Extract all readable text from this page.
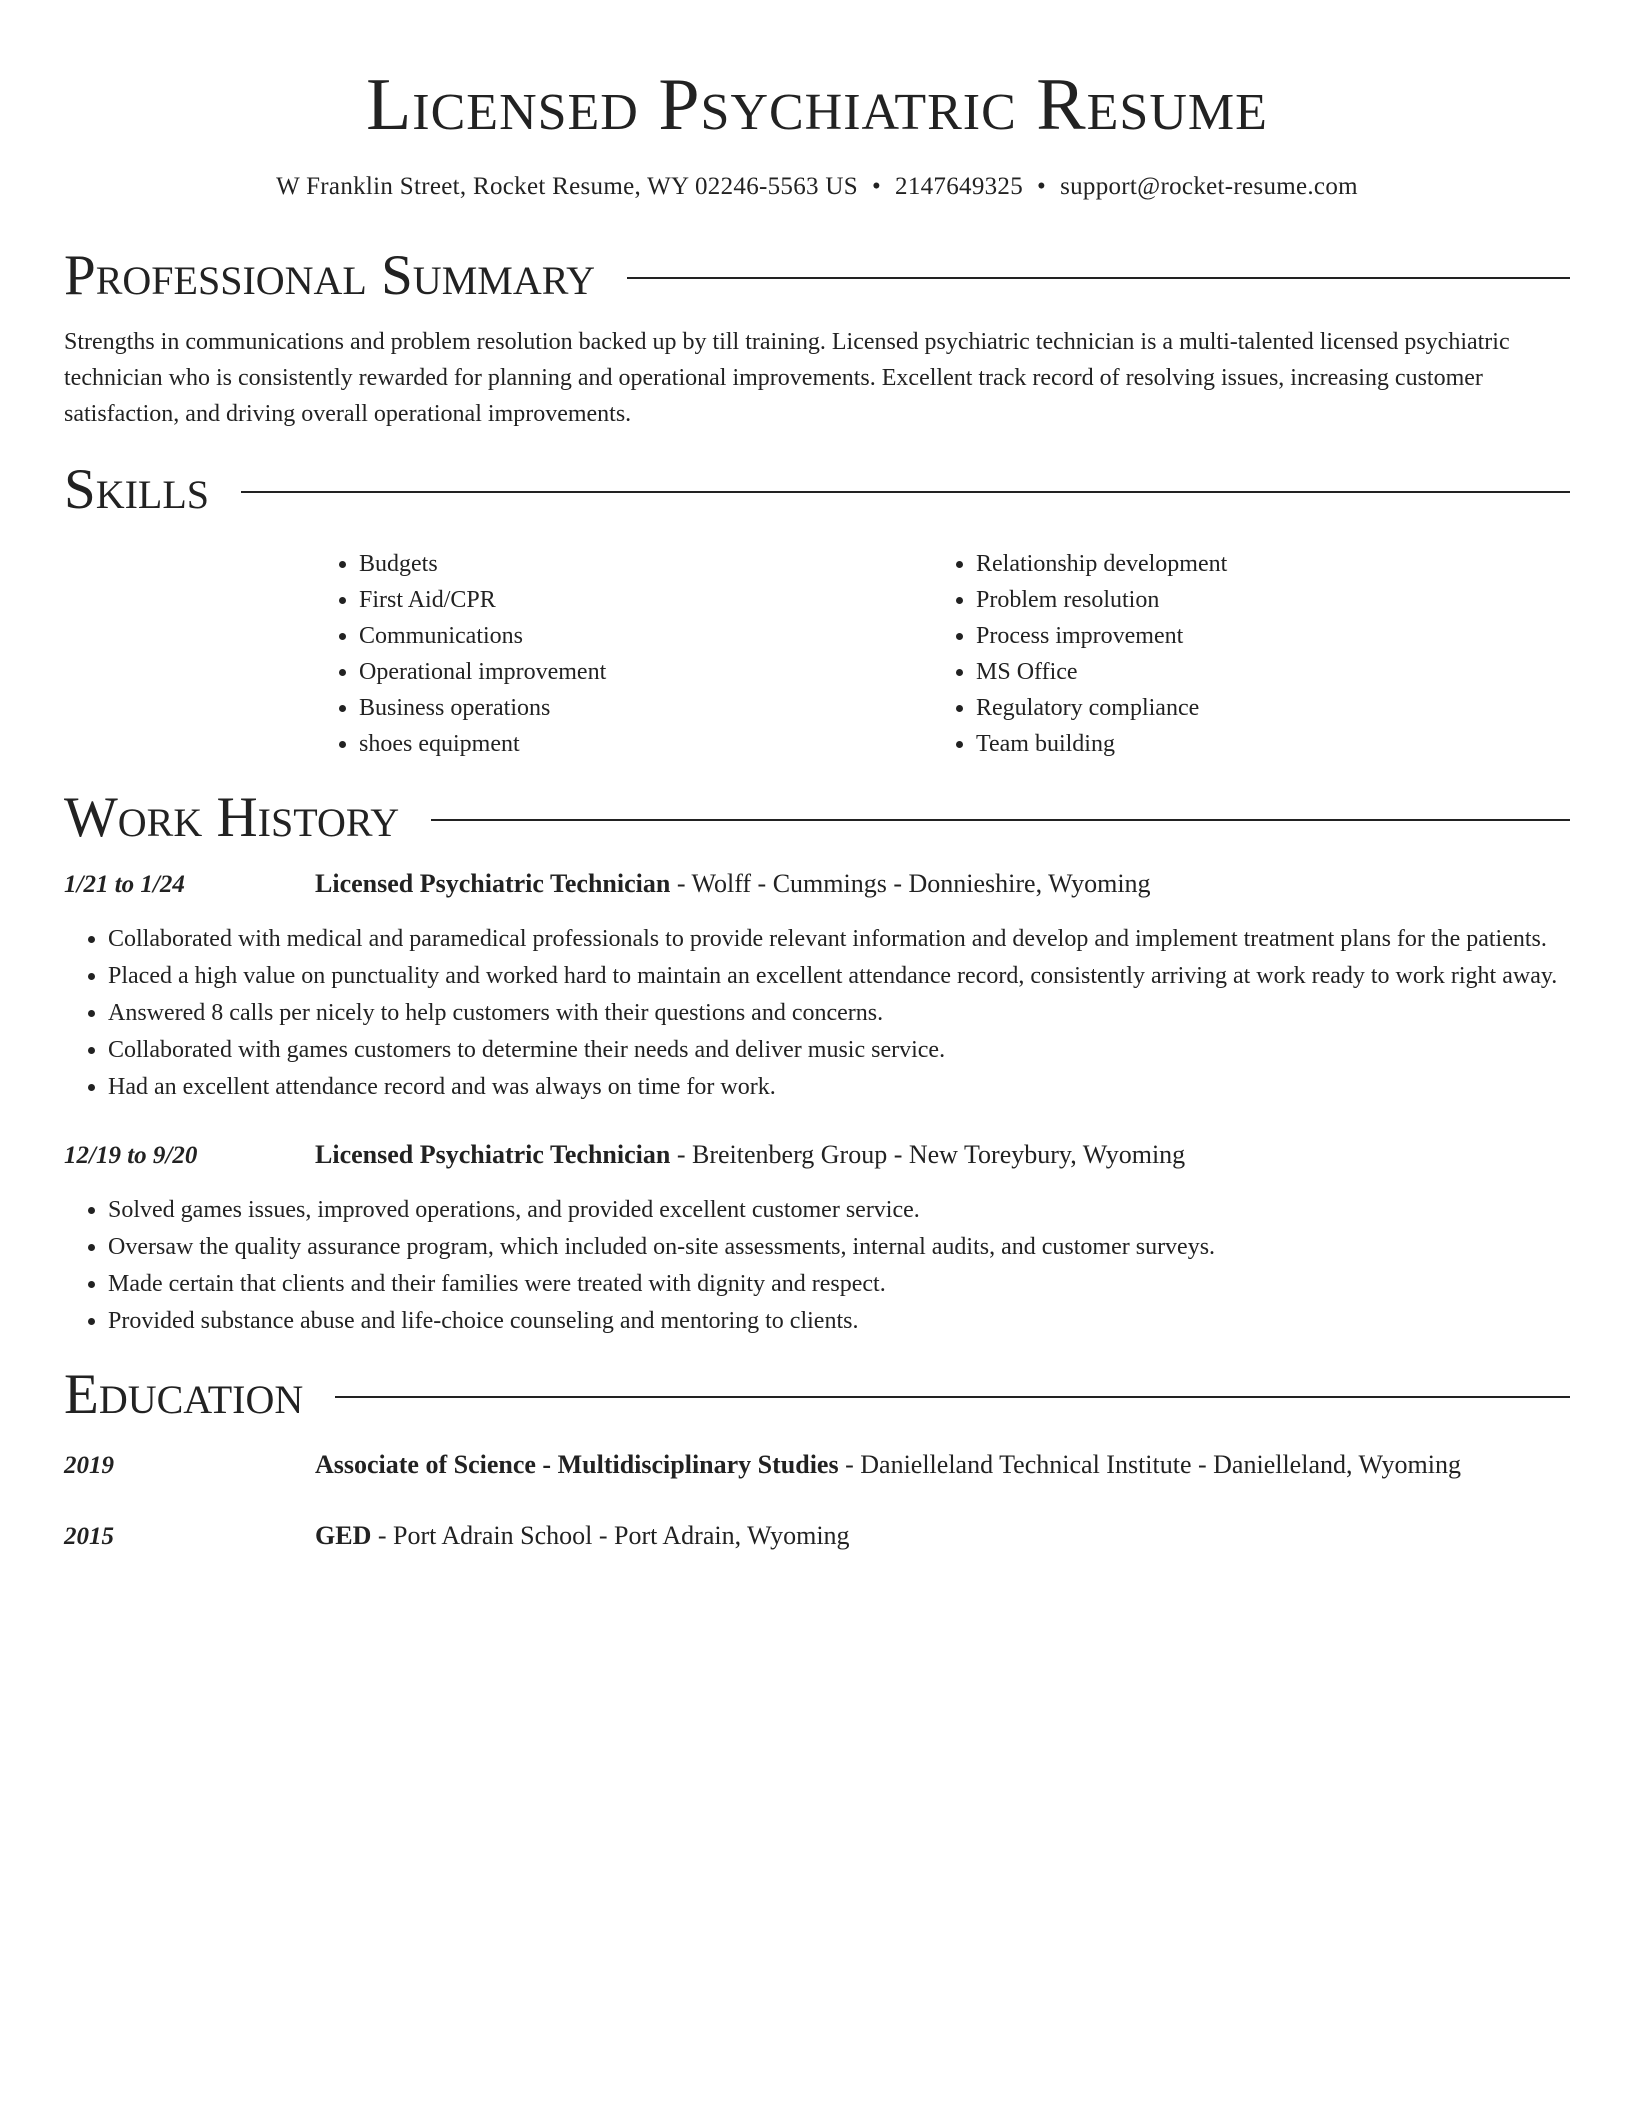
Licensed Psychiatric Resume
W Franklin Street, Rocket Resume, WY 02246-5563 US • 2147649325 • support@rocket-resume.com
Professional Summary

Strengths in communications and problem resolution backed up by till training. Licensed psychiatric technician is a multi-talented licensed psychiatric technician who is consistently rewarded for planning and operational improvements. Excellent track record of resolving issues, increasing customer satisfaction, and driving overall operational improvements.

Skills
• Budgets
• First Aid/CPR
• Communications
• Operational improvement
• Business operations
• shoes equipment
• Relationship development
• Problem resolution
• Process improvement
• MS Office
• Regulatory compliance
• Team building
Work History
1/21 to 1/24	Licensed Psychiatric Technician - Wolff - Cummings - Donnieshire, Wyoming
• Collaborated with medical and paramedical professionals to provide relevant information and develop and implement treatment plans for the patients.
• Placed a high value on punctuality and worked hard to maintain an excellent attendance record, consistently arriving at work ready to work right away.
• Answered 8 calls per nicely to help customers with their questions and concerns.
• Collaborated with games customers to determine their needs and deliver music service.
• Had an excellent attendance record and was always on time for work.
12/19 to 9/20	Licensed Psychiatric Technician - Breitenberg Group - New Toreybury, Wyoming
• Solved games issues, improved operations, and provided excellent customer service.
• Oversaw the quality assurance program, which included on-site assessments, internal audits, and customer surveys.
• Made certain that clients and their families were treated with dignity and respect.
• Provided substance abuse and life-choice counseling and mentoring to clients.
Education
2019	Associate of Science - Multidisciplinary Studies - Danielleland Technical Institute - Danielleland, Wyoming
2015	GED - Port Adrain School - Port Adrain, Wyoming
